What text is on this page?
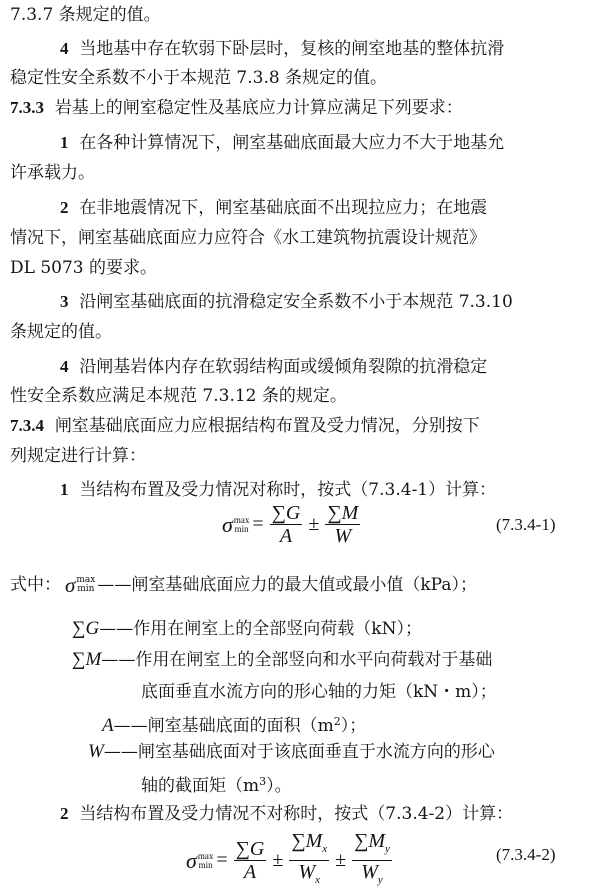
7.3.7 条规定的值。
4 当地基中存在软弱下卧层时，复核的闸室地基的整体抗滑
稳定性安全系数不小于本规范 7.3.8 条规定的值。
7.3.3 岩基上的闸室稳定性及基底应力计算应满足下列要求：
1 在各种计算情况下，闸室基础底面最大应力不大于地基允
许承载力。
2 在非地震情况下，闸室基础底面不出现拉应力；在地震
情况下，闸室基础底面应力应符合《水工建筑物抗震设计规范》
DL 5073 的要求。
3 沿闸室基础底面的抗滑稳定安全系数不小于本规范 7.3.10
条规定的值。
4 沿闸基岩体内存在软弱结构面或缓倾角裂隙的抗滑稳定
性安全系数应满足本规范 7.3.12 条的规定。
7.3.4 闸室基础底面应力应根据结构布置及受力情况，分别按下
列规定进行计算：
1 当结构布置及受力情况对称时，按式（7.3.4-1）计算：
σ max
$\min = \frac{\sum G}{A} \pm \frac{\sum M}{W}$	(7.3.4-1)
式中： σ max
min ——闸室基础底面应力的最大值或最小值（kPa）；
∑G——作用在闸室上的全部竖向荷载（kN）；
∑M——作用在闸室上的全部竖向和水平向荷载对于基础
底面垂直水流方向的形心轴的力矩（kN・m）；
A——闸室基础底面的面积$(m^2)$；
W——闸室基础底面对于该底面垂直于水流方向的形心
轴的截面矩$(m^3)$。
2 当结构布置及受力情况不对称时，按式（7.3.4-2）计算：
σ max
$\min = \frac{\sum G}{A} \pm \frac{\sum M_x}{W_x} \pm \frac{\sum M_y}{W_y}$	(7.3.4-2)
